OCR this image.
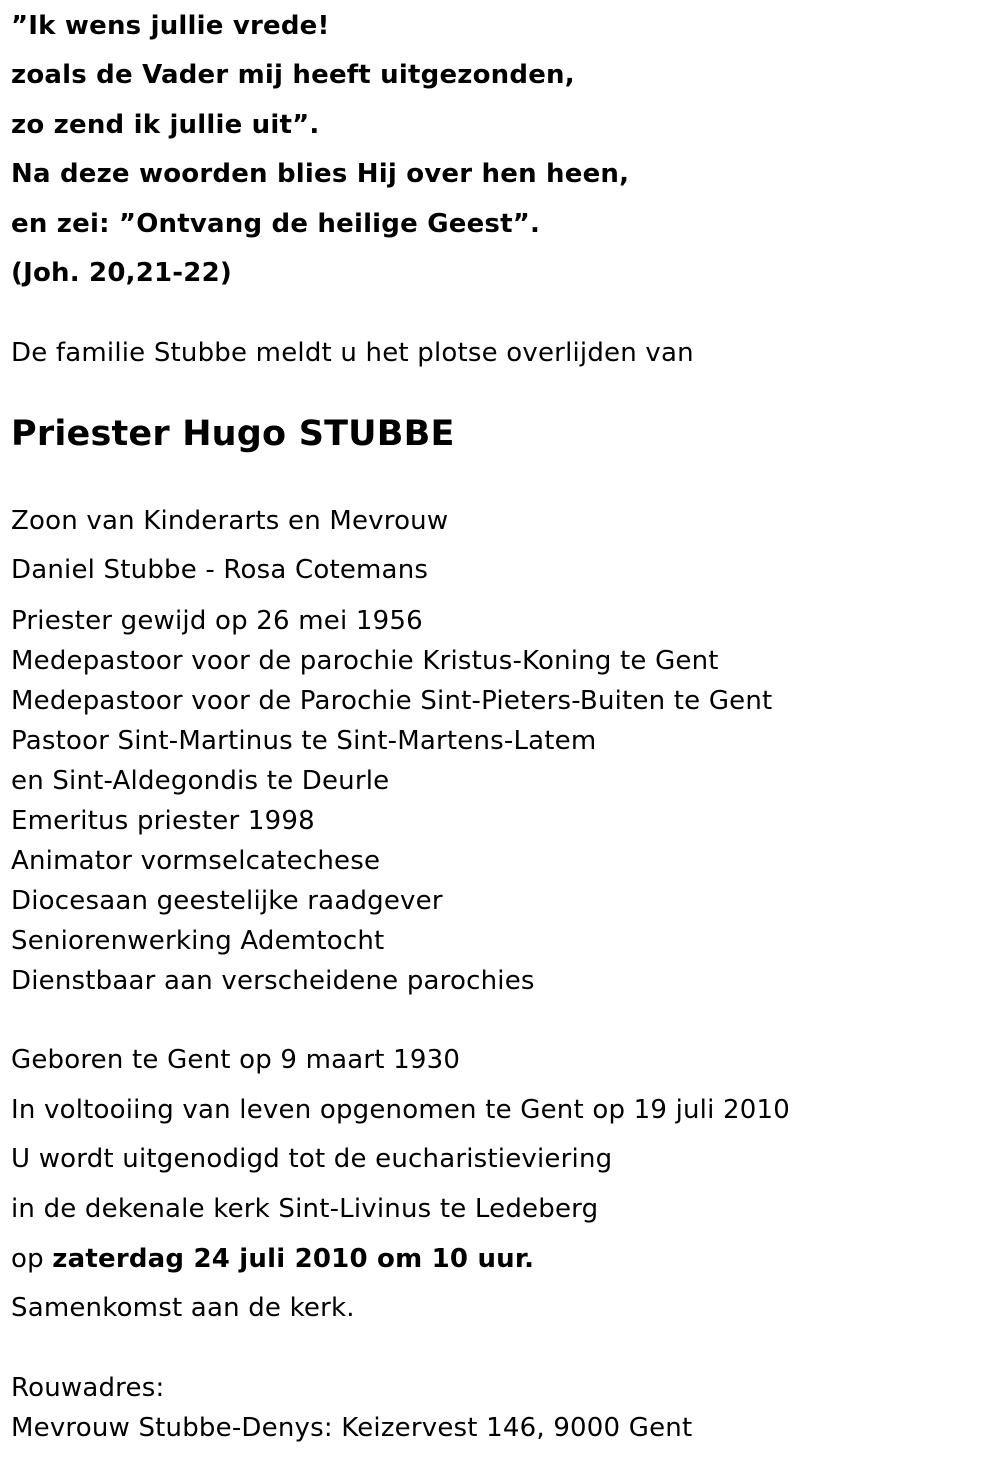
”Ik wens jullie vrede!
zoals de Vader mij heeft uitgezonden,
zo zend ik jullie uit”.
Na deze woorden blies Hij over hen heen,
en zei: ”Ontvang de heilige Geest”.
(Joh. 20,21-22)
De familie Stubbe meldt u het plotse overlijden van
Priester Hugo STUBBE
Zoon van Kinderarts en Mevrouw
Daniel Stubbe - Rosa Cotemans
Priester gewijd op 26 mei 1956
Medepastoor voor de parochie Kristus-Koning te Gent
Medepastoor voor de Parochie Sint-Pieters-Buiten te Gent
Pastoor Sint-Martinus te Sint-Martens-Latem
en Sint-Aldegondis te Deurle
Emeritus priester 1998
Animator vormselcatechese
Diocesaan geestelijke raadgever
Seniorenwerking Ademtocht
Dienstbaar aan verscheidene parochies
Geboren te Gent op 9 maart 1930
In voltooiing van leven opgenomen te Gent op 19 juli 2010
U wordt uitgenodigd tot de eucharistieviering
in de dekenale kerk Sint-Livinus te Ledeberg
op zaterdag 24 juli 2010 om 10 uur.
Samenkomst aan de kerk.
Rouwadres:
Mevrouw Stubbe-Denys: Keizervest 146, 9000 Gent
